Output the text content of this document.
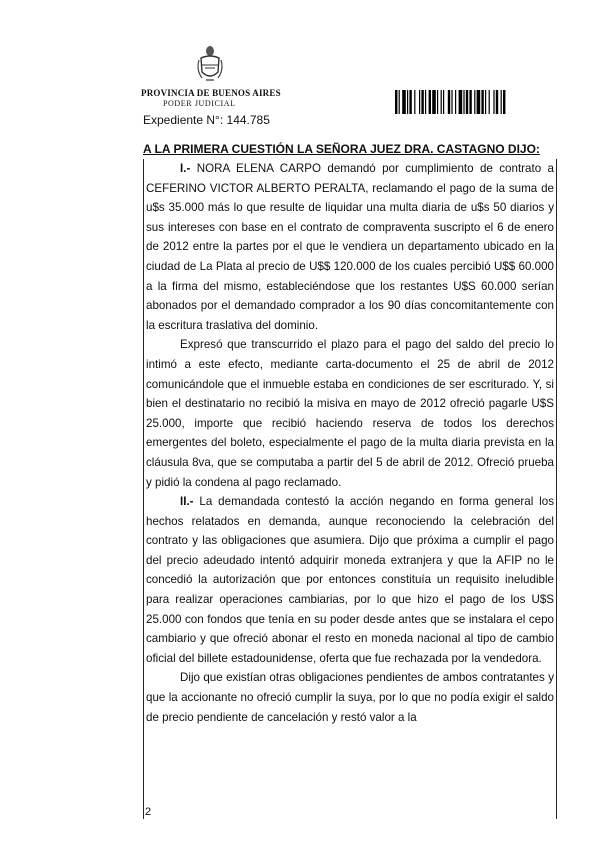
PROVINCIA DE BUENOS AIRES
PODER JUDICIAL
Expediente N°: 144.785
A LA PRIMERA CUESTIÓN LA SEÑORA JUEZ DRA. CASTAGNO DIJO:

I.- NORA ELENA CARPO demandó por cumplimiento de contrato a CEFERINO VICTOR ALBERTO PERALTA, reclamando el pago de la suma de u$s 35.000 más lo que resulte de liquidar una multa diaria de u$s 50 diarios y sus intereses con base en el contrato de compraventa suscripto el 6 de enero de 2012 entre la partes por el que le vendiera un departamento ubicado en la ciudad de La Plata al precio de U$$ 120.000 de los cuales percibió U$$ 60.000 a la firma del mismo, estableciéndose que los restantes U$S 60.000 serían abonados por el demandado comprador a los 90 días concomitantemente con la escritura traslativa del dominio.

Expresó que transcurrido el plazo para el pago del saldo del precio lo intimó a este efecto, mediante carta-documento el 25 de abril de 2012 comunicándole que el inmueble estaba en condiciones de ser escriturado. Y, si bien el destinatario no recibió la misiva en mayo de 2012 ofreció pagarle U$S 25.000, importe que recibió haciendo reserva de todos los derechos emergentes del boleto, especialmente el pago de la multa diaria prevista en la cláusula 8va, que se computaba a partir del 5 de abril de 2012. Ofreció prueba y pidió la condena al pago reclamado.

II.- La demandada contestó la acción negando en forma general los hechos relatados en demanda, aunque reconociendo la celebración del contrato y las obligaciones que asumiera. Dijo que próxima a cumplir el pago del precio adeudado intentó adquirir moneda extranjera y que la AFIP no le concedió la autorización que por entonces constituía un requisito ineludible para realizar operaciones cambiarias, por lo que hizo el pago de los U$S 25.000 con fondos que tenía en su poder desde antes que se instalara el cepo cambiario y que ofreció abonar el resto en moneda nacional al tipo de cambio oficial del billete estadounidense, oferta que fue rechazada por la vendedora.

Dijo que existían otras obligaciones pendientes de ambos contratantes y que la accionante no ofreció cumplir la suya, por lo que no podía exigir el saldo de precio pendiente de cancelación y restó valor a la

2
